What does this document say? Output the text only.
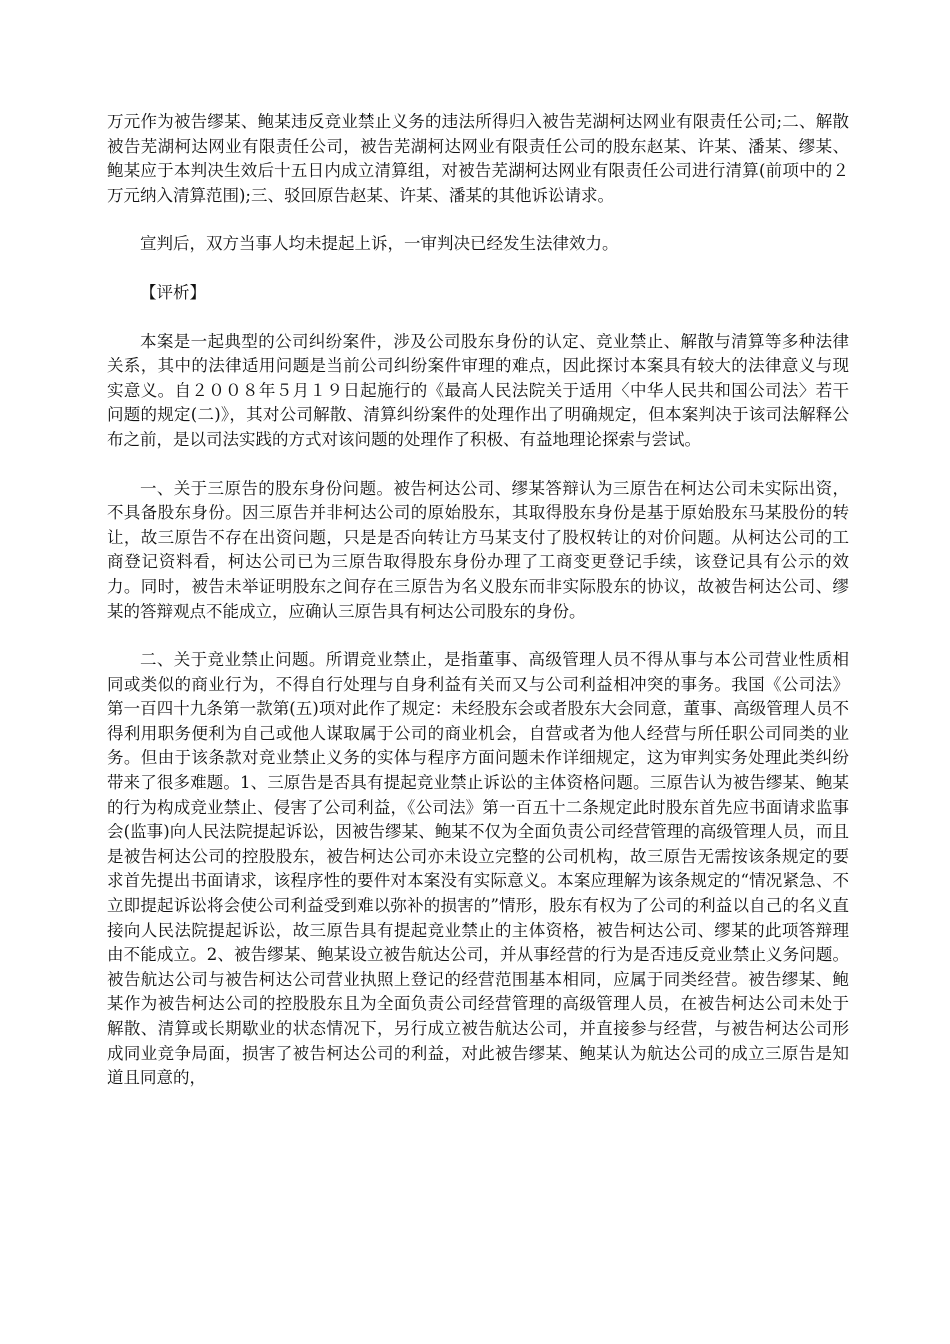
万元作为被告缪某、鲍某违反竞业禁止义务的违法所得归入被告芜湖柯达网业有限责任公司;二、解散被告芜湖柯达网业有限责任公司，被告芜湖柯达网业有限责任公司的股东赵某、许某、潘某、缪某、鲍某应于本判决生效后十五日内成立清算组，对被告芜湖柯达网业有限责任公司进行清算(前项中的２万元纳入清算范围);三、驳回原告赵某、许某、潘某的其他诉讼请求。

宣判后，双方当事人均未提起上诉，一审判决已经发生法律效力。

【评析】

本案是一起典型的公司纠纷案件，涉及公司股东身份的认定、竞业禁止、解散与清算等多种法律关系，其中的法律适用问题是当前公司纠纷案件审理的难点，因此探讨本案具有较大的法律意义与现实意义。自２００８年５月１９日起施行的《最高人民法院关于适用〈中华人民共和国公司法〉若干问题的规定(二)》，其对公司解散、清算纠纷案件的处理作出了明确规定，但本案判决于该司法解释公布之前，是以司法实践的方式对该问题的处理作了积极、有益地理论探索与尝试。

一、关于三原告的股东身份问题。被告柯达公司、缪某答辩认为三原告在柯达公司未实际出资，不具备股东身份。因三原告并非柯达公司的原始股东，其取得股东身份是基于原始股东马某股份的转让，故三原告不存在出资问题，只是是否向转让方马某支付了股权转让的对价问题。从柯达公司的工商登记资料看，柯达公司已为三原告取得股东身份办理了工商变更登记手续，该登记具有公示的效力。同时，被告未举证明股东之间存在三原告为名义股东而非实际股东的协议，故被告柯达公司、缪某的答辩观点不能成立，应确认三原告具有柯达公司股东的身份。

二、关于竞业禁止问题。所谓竞业禁止，是指董事、高级管理人员不得从事与本公司营业性质相同或类似的商业行为，不得自行处理与自身利益有关而又与公司利益相冲突的事务。我国《公司法》第一百四十九条第一款第(五)项对此作了规定：未经股东会或者股东大会同意，董事、高级管理人员不得利用职务便利为自己或他人谋取属于公司的商业机会，自营或者为他人经营与所任职公司同类的业务。但由于该条款对竞业禁止义务的实体与程序方面问题未作详细规定，这为审判实务处理此类纠纷带来了很多难题。1、三原告是否具有提起竞业禁止诉讼的主体资格问题。三原告认为被告缪某、鲍某的行为构成竞业禁止、侵害了公司利益，《公司法》第一百五十二条规定此时股东首先应书面请求监事会(监事)向人民法院提起诉讼，因被告缪某、鲍某不仅为全面负责公司经营管理的高级管理人员，而且是被告柯达公司的控股股东，被告柯达公司亦未设立完整的公司机构，故三原告无需按该条规定的要求首先提出书面请求，该程序性的要件对本案没有实际意义。本案应理解为该条规定的“情况紧急、不立即提起诉讼将会使公司利益受到难以弥补的损害的”情形，股东有权为了公司的利益以自己的名义直接向人民法院提起诉讼，故三原告具有提起竞业禁止的主体资格，被告柯达公司、缪某的此项答辩理由不能成立。2、被告缪某、鲍某设立被告航达公司，并从事经营的行为是否违反竞业禁止义务问题。被告航达公司与被告柯达公司营业执照上登记的经营范围基本相同，应属于同类经营。被告缪某、鲍某作为被告柯达公司的控股股东且为全面负责公司经营管理的高级管理人员，在被告柯达公司未处于解散、清算或长期歇业的状态情况下，另行成立被告航达公司，并直接参与经营，与被告柯达公司形成同业竞争局面，损害了被告柯达公司的利益，对此被告缪某、鲍某认为航达公司的成立三原告是知道且同意的，
